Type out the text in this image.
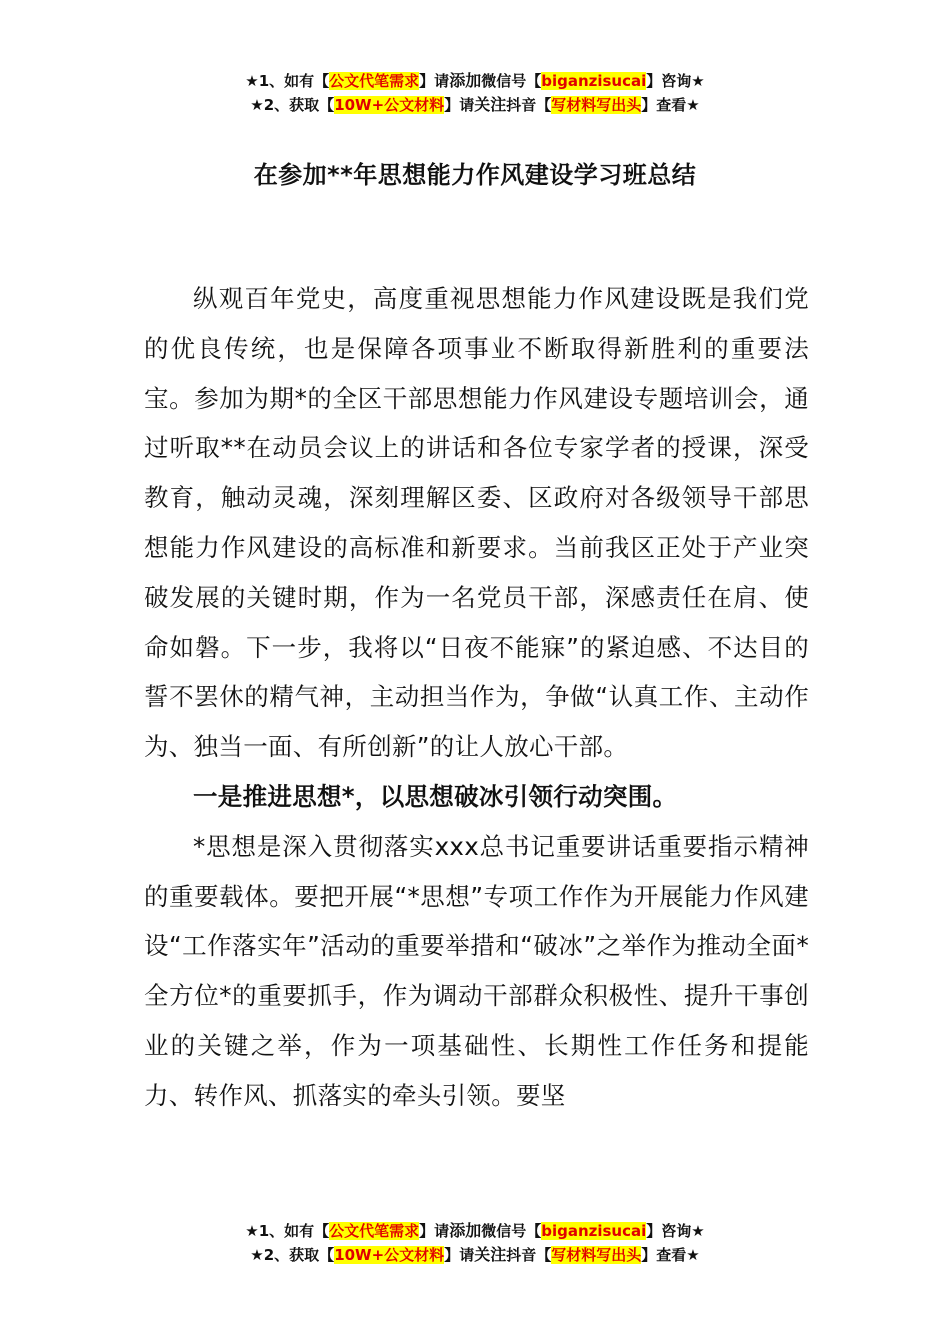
★1、如有【公文代笔需求】请添加微信号【biganzisucai】咨询★
★2、获取【10W+公文材料】请关注抖音【写材料写出头】查看★
在参加**年思想能力作风建设学习班总结

纵观百年党史，高度重视思想能力作风建设既是我们党的优良传统，也是保障各项事业不断取得新胜利的重要法宝。参加为期*的全区干部思想能力作风建设专题培训会，通过听取**在动员会议上的讲话和各位专家学者的授课，深受教育，触动灵魂，深刻理解区委、区政府对各级领导干部思想能力作风建设的高标准和新要求。当前我区正处于产业突破发展的关键时期，作为一名党员干部，深感责任在肩、使命如磐。下一步，我将以“日夜不能寐”的紧迫感、不达目的誓不罢休的精气神，主动担当作为，争做“认真工作、主动作为、独当一面、有所创新”的让人放心干部。

一是推进思想*，以思想破冰引领行动突围。

*思想是深入贯彻落实xxx总书记重要讲话重要指示精神的重要载体。要把开展“*思想”专项工作作为开展能力作风建设“工作落实年”活动的重要举措和“破冰”之举作为推动全面*全方位*的重要抓手，作为调动干部群众积极性、提升干事创业的关键之举，作为一项基础性、长期性工作任务和提能力、转作风、抓落实的牵头引领。要坚

★1、如有【公文代笔需求】请添加微信号【biganzisucai】咨询★
★2、获取【10W+公文材料】请关注抖音【写材料写出头】查看★
